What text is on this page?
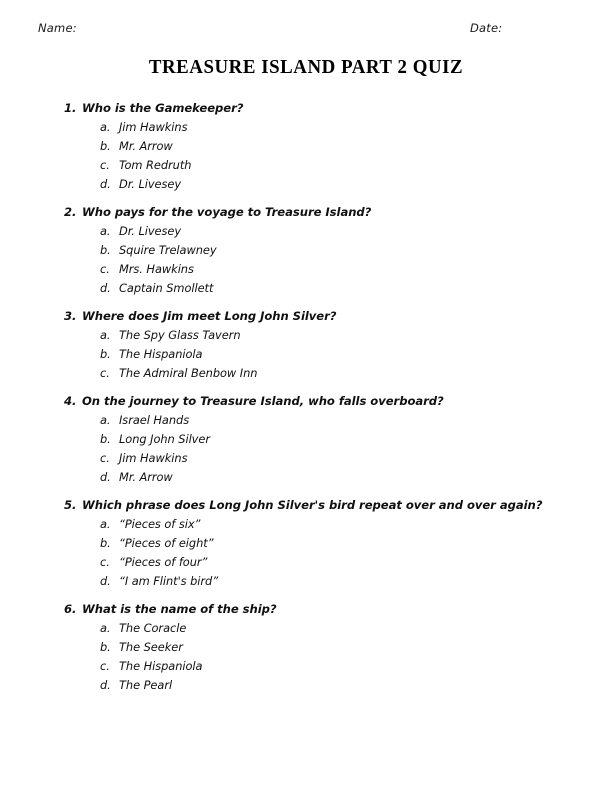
Name:	Date:
TREASURE ISLAND PART 2 QUIZ
1. Who is the Gamekeeper?
a. Jim Hawkins
b. Mr. Arrow
c. Tom Redruth
d. Dr. Livesey
2. Who pays for the voyage to Treasure Island?
a. Dr. Livesey
b. Squire Trelawney
c. Mrs. Hawkins
d. Captain Smollett
3. Where does Jim meet Long John Silver?
a. The Spy Glass Tavern
b. The Hispaniola
c. The Admiral Benbow Inn
4. On the journey to Treasure Island, who falls overboard?
a. Israel Hands
b. Long John Silver
c. Jim Hawkins
d. Mr. Arrow
5. Which phrase does Long John Silver's bird repeat over and over again?
a. “Pieces of six”
b. “Pieces of eight”
c. “Pieces of four”
d. “I am Flint's bird”
6. What is the name of the ship?
a. The Coracle
b. The Seeker
c. The Hispaniola
d. The Pearl
